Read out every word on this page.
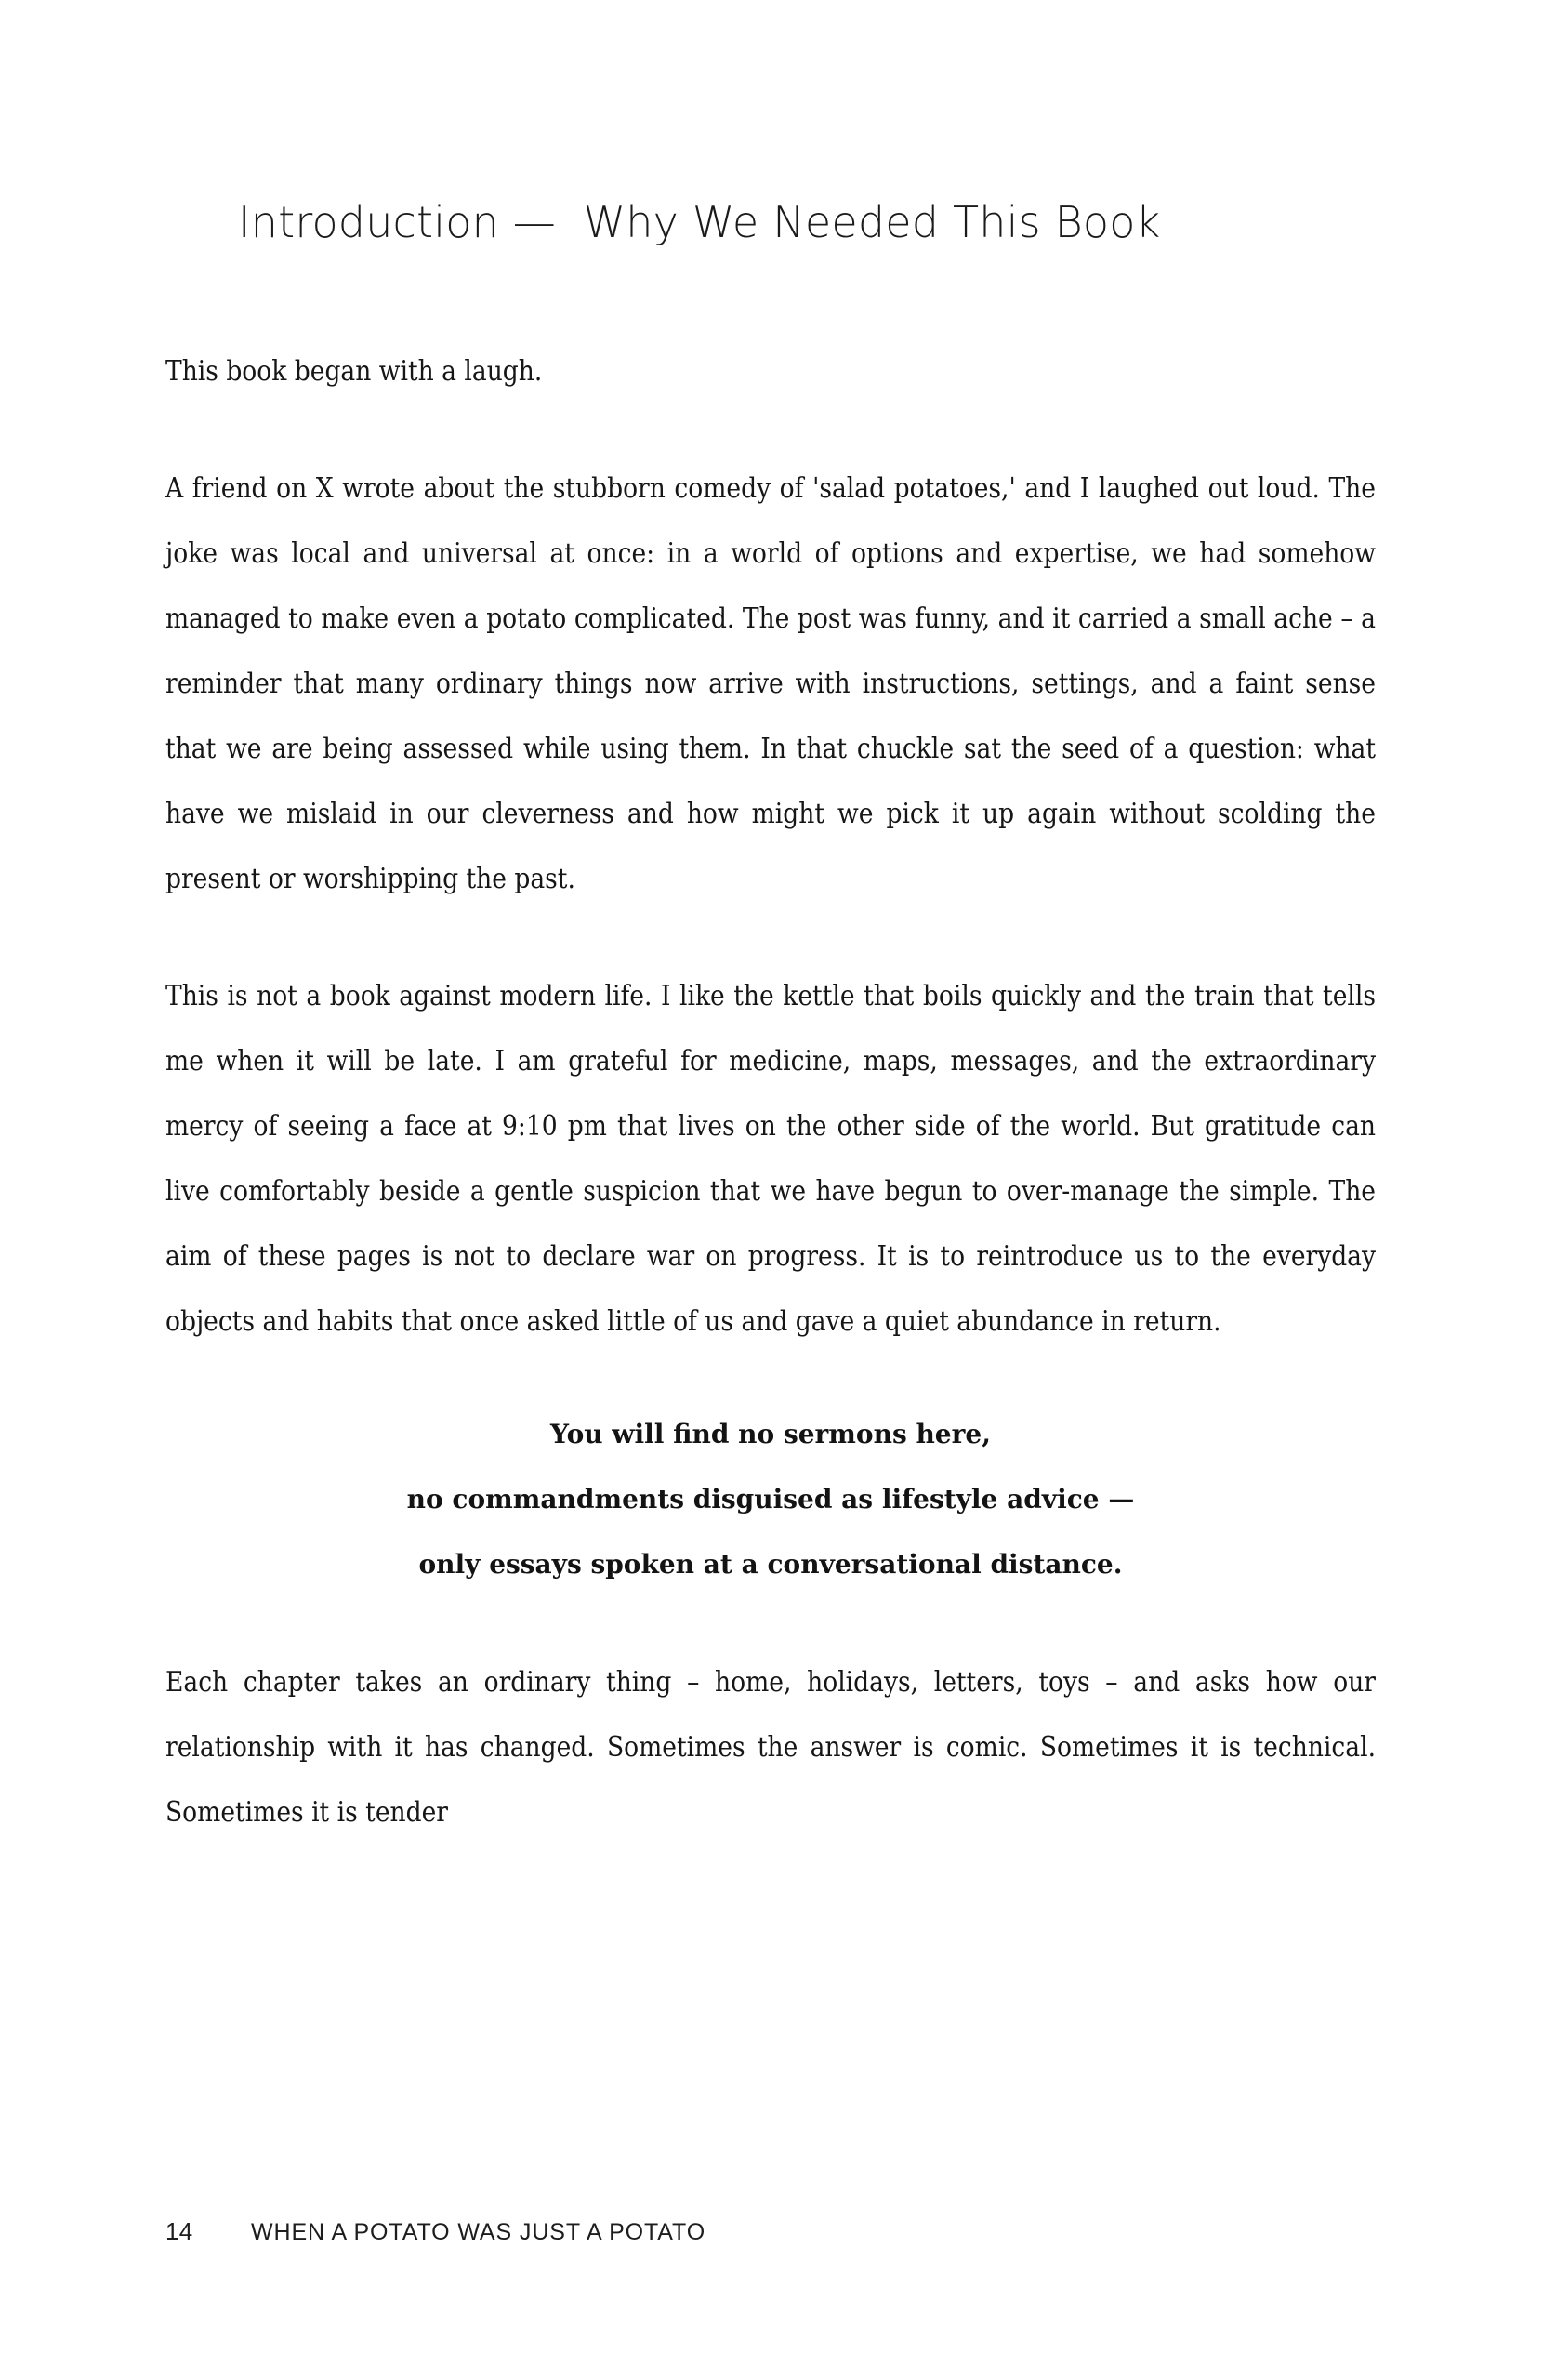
Introduction —  Why We Needed This Book

This book began with a laugh.

A friend on X wrote about the stubborn comedy of 'salad potatoes,' and I laughed out loud. The joke was local and universal at once: in a world of options and expertise, we had somehow managed to make even a potato complicated. The post was funny, and it carried a small ache – a reminder that many ordinary things now arrive with instructions, settings, and a faint sense that we are being assessed while using them. In that chuckle sat the seed of a question: what have we mislaid in our cleverness and how might we pick it up again without scolding the present or worshipping the past.

This is not a book against modern life. I like the kettle that boils quickly and the train that tells me when it will be late. I am grateful for medicine, maps, messages, and the extraordinary mercy of seeing a face at 9:10 pm that lives on the other side of the world. But gratitude can live comfortably beside a gentle suspicion that we have begun to over-manage the simple. The aim of these pages is not to declare war on progress. It is to reintroduce us to the everyday objects and habits that once asked little of us and gave a quiet abundance in return.

You will find no sermons here,
no commandments disguised as lifestyle advice —
only essays spoken at a conversational distance.

Each chapter takes an ordinary thing – home, holidays, letters, toys – and asks how our relationship with it has changed. Sometimes the answer is comic. Sometimes it is technical. Sometimes it is tender

14	WHEN A POTATO WAS JUST A POTATO
